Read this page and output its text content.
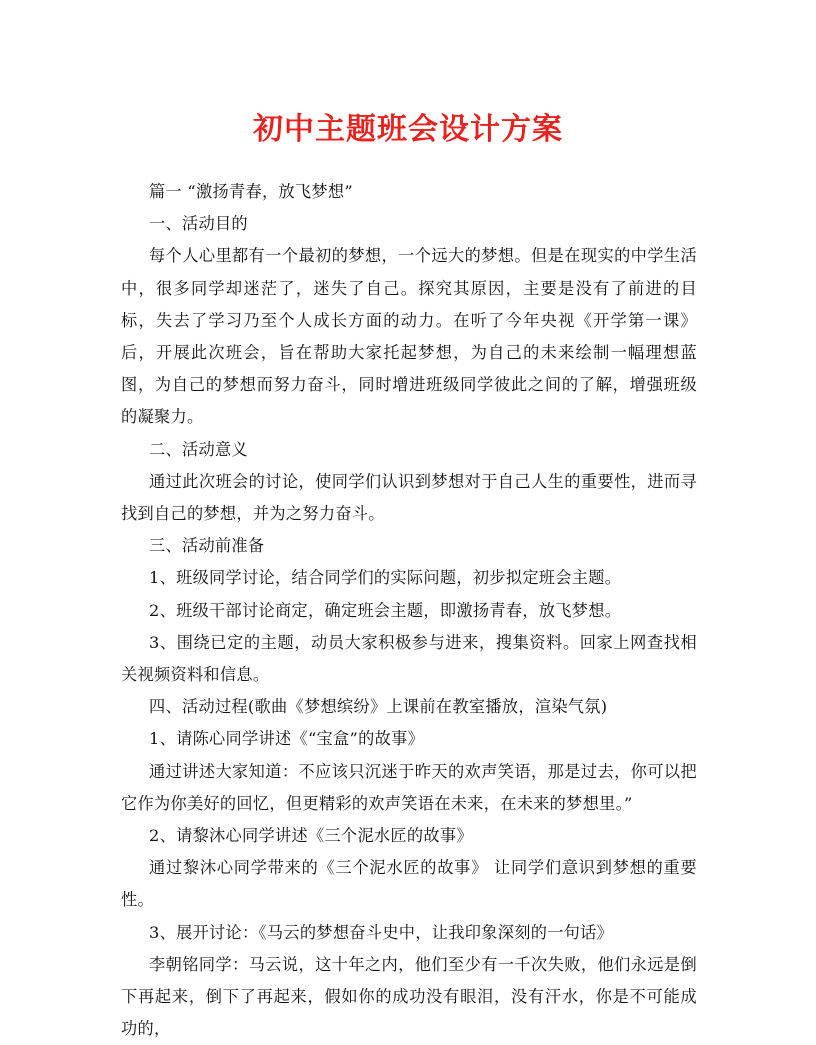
初中主题班会设计方案

篇一 “激扬青春，放飞梦想”

一、活动目的

每个人心里都有一个最初的梦想，一个远大的梦想。但是在现实的中学生活中，很多同学却迷茫了，迷失了自己。探究其原因，主要是没有了前进的目标，失去了学习乃至个人成长方面的动力。在听了今年央视《开学第一课》后，开展此次班会，旨在帮助大家托起梦想，为自己的未来绘制一幅理想蓝图，为自己的梦想而努力奋斗，同时增进班级同学彼此之间的了解，增强班级的凝聚力。

二、活动意义

通过此次班会的讨论，使同学们认识到梦想对于自己人生的重要性，进而寻找到自己的梦想，并为之努力奋斗。

三、活动前准备

1、班级同学讨论，结合同学们的实际问题，初步拟定班会主题。

2、班级干部讨论商定，确定班会主题，即激扬青春，放飞梦想。

3、围绕已定的主题，动员大家积极参与进来，搜集资料。回家上网查找相关视频资料和信息。

四、活动过程(歌曲《梦想缤纷》上课前在教室播放，渲染气氛)

1、请陈心同学讲述《“宝盒”的故事》

通过讲述大家知道：不应该只沉迷于昨天的欢声笑语，那是过去，你可以把它作为你美好的回忆，但更精彩的欢声笑语在未来，在未来的梦想里。”

2、请黎沐心同学讲述《三个泥水匠的故事》

通过黎沐心同学带来的《三个泥水匠的故事》 让同学们意识到梦想的重要性。

3、展开讨论：《马云的梦想奋斗史中，让我印象深刻的一句话》

李朝铭同学：马云说，这十年之内，他们至少有一千次失败，他们永远是倒下再起来，倒下了再起来，假如你的成功没有眼泪，没有汗水，你是不可能成功的，
